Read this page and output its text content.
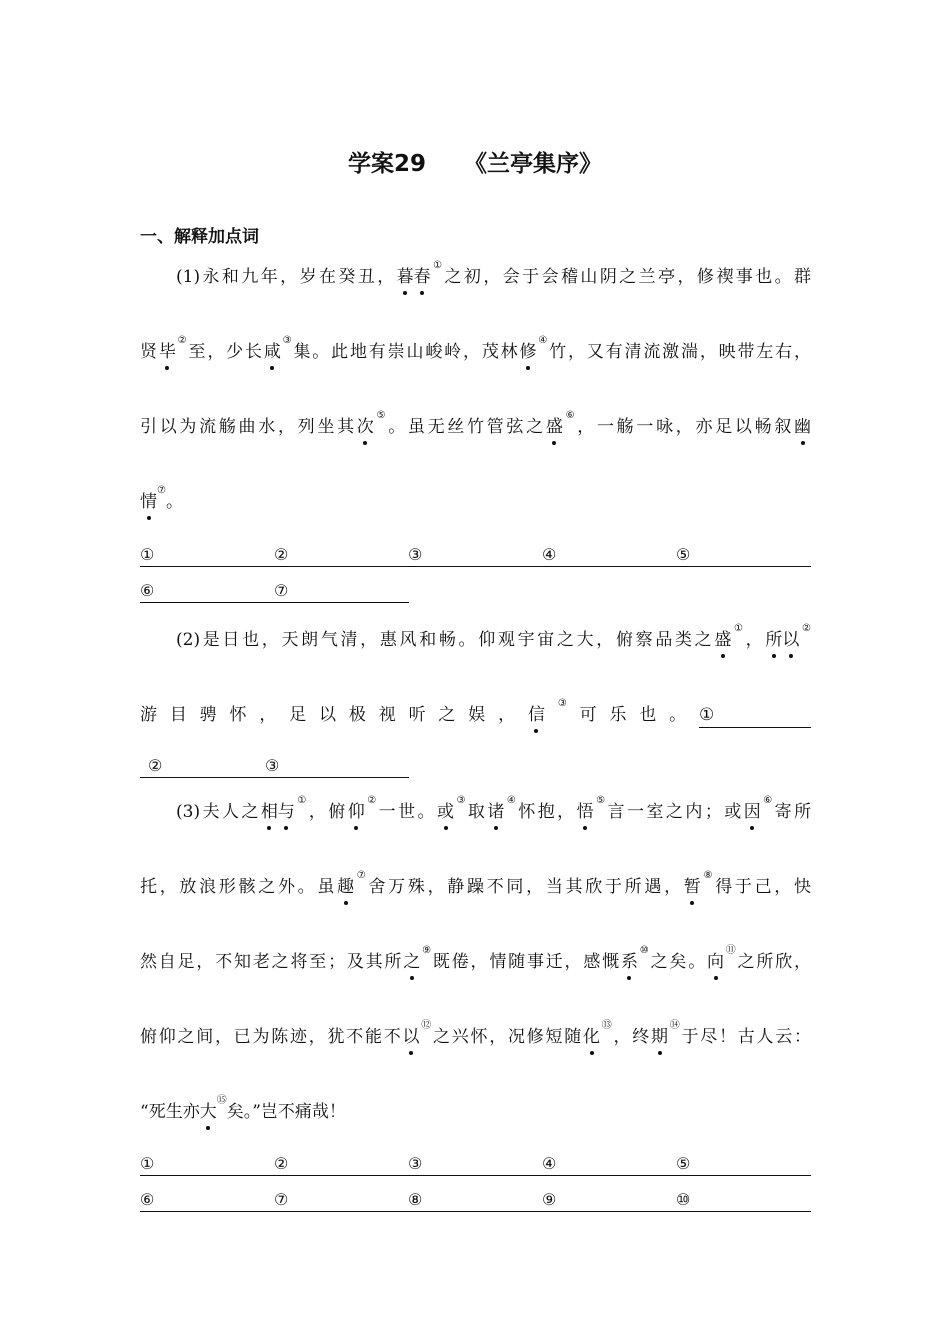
学案29 《兰亭集序》
一、解释加点词
(1)永和九年，岁在癸丑，暮春①之初，会于会稽山阴之兰亭，修禊事也。群
贤毕②至，少长咸③集。此地有崇山峻岭，茂林修④竹，又有清流激湍，映带左右，
引以为流觞曲水，列坐其次⑤。虽无丝竹管弦之盛⑥，一觞一咏，亦足以畅叙幽
情⑦。
①	②	③	④	⑤
⑥	⑦
(2)是日也，天朗气清，惠风和畅。仰观宇宙之大，俯察品类之盛①，所以②
游目骋怀，足以极视听之娱，信③可乐也。①
②	③
(3)夫人之相与①，俯仰②一世。或③取诸④怀抱，悟⑤言一室之内；或因⑥寄所
托，放浪形骸之外。虽趣⑦舍万殊，静躁不同，当其欣于所遇，暂⑧得于己，快
然自足，不知老之将至；及其所之⑨既倦，情随事迁，感慨系⑩之矣。向⑪之所欣，
俯仰之间，已为陈迹，犹不能不以⑫之兴怀，况修短随化⑬，终期⑭于尽！古人云：
“死生亦大⑮矣。”岂不痛哉！
①	②	③	④	⑤
⑥	⑦	⑧	⑨	⑩
